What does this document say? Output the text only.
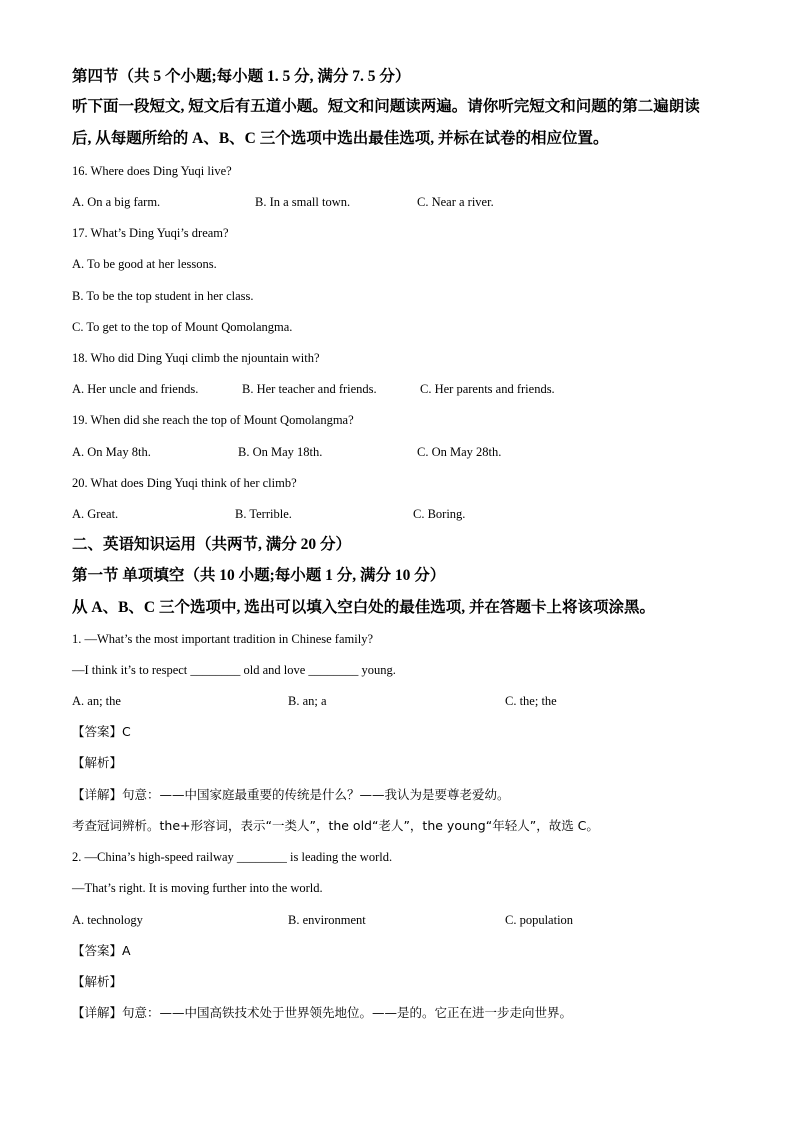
第四节（共 5 个小题;每小题 1. 5 分, 满分 7. 5 分）
听下面一段短文, 短文后有五道小题。短文和问题读两遍。请你听完短文和问题的第二遍朗读
后, 从每题所给的 A、B、C 三个选项中选出最佳选项, 并标在试卷的相应位置。
16. Where does Ding Yuqi live?
A. On a big farm.	B. In a small town.	C. Near a river.
17. What’s Ding Yuqi’s dream?
A. To be good at her lessons.
B. To be the top student in her class.
C. To get to the top of Mount Qomolangma.
18. Who did Ding Yuqi climb the njountain with?
A. Her uncle and friends.	B. Her teacher and friends.	C. Her parents and friends.
19. When did she reach the top of Mount Qomolangma?
A. On May 8th.	B. On May 18th.	C. On May 28th.
20. What does Ding Yuqi think of her climb?
A. Great.	B. Terrible.	C. Boring.
二、英语知识运用（共两节, 满分 20 分）
第一节 单项填空（共 10 小题;每小题 1 分, 满分 10 分）
从 A、B、C 三个选项中, 选出可以填入空白处的最佳选项, 并在答题卡上将该项涂黑。
1. —What’s the most important tradition in Chinese family?
—I think it’s to respect ________ old and love ________ young.
A. an; the	B. an; a	C. the; the
【答案】C
【解析】
【详解】句意：——中国家庭最重要的传统是什么？——我认为是要尊老爱幼。
考查冠词辨析。the+形容词，表示“一类人”，the old“老人”，the young“年轻人”，故选 C。
2. —China’s high-speed railway ________ is leading the world.
—That’s right. It is moving further into the world.
A. technology	B. environment	C. population
【答案】A
【解析】
【详解】句意：——中国高铁技术处于世界领先地位。——是的。它正在进一步走向世界。
